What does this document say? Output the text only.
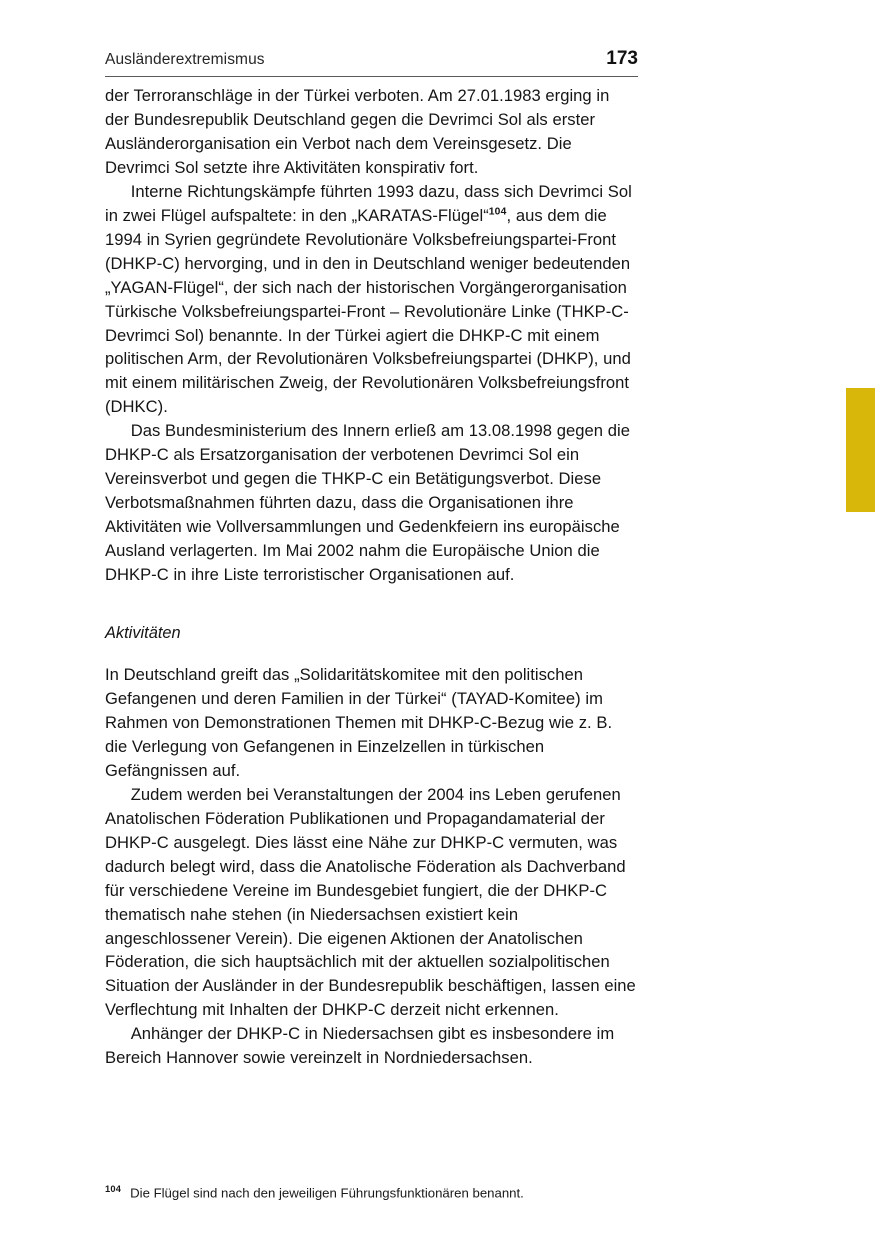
Ausländerextremismus	173

der Terroranschläge in der Türkei verboten. Am 27.01.1983 erging in der Bundesrepublik Deutschland gegen die Devrimci Sol als erster Ausländerorganisation ein Verbot nach dem Vereinsgesetz. Die Devrimci Sol setzte ihre Aktivitäten konspirativ fort.

Interne Richtungskämpfe führten 1993 dazu, dass sich Devrimci Sol in zwei Flügel aufspaltete: in den „KARATAS-Flügel“$^{104}$, aus dem die 1994 in Syrien gegründete Revolutionäre Volksbefreiungspartei-Front (DHKP-C) hervorging, und in den in Deutschland weniger bedeutenden „YAGAN-Flügel“, der sich nach der historischen Vorgängerorganisation Türkische Volksbefreiungspartei-Front – Revolutionäre Linke (THKP-C-Devrimci Sol) benannte. In der Türkei agiert die DHKP-C mit einem politischen Arm, der Revolutionären Volksbefreiungspartei (DHKP), und mit einem militärischen Zweig, der Revolutionären Volksbefreiungsfront (DHKC).

Das Bundesministerium des Innern erließ am 13.08.1998 gegen die DHKP-C als Ersatzorganisation der verbotenen Devrimci Sol ein Vereinsverbot und gegen die THKP-C ein Betätigungsverbot. Diese Verbotsmaßnahmen führten dazu, dass die Organisationen ihre Aktivitäten wie Vollversammlungen und Gedenkfeiern ins europäische Ausland verlagerten. Im Mai 2002 nahm die Europäische Union die DHKP-C in ihre Liste terroristischer Organisationen auf.

Aktivitäten

In Deutschland greift das „Solidaritätskomitee mit den politischen Gefangenen und deren Familien in der Türkei“ (TAYAD-Komitee) im Rahmen von Demonstrationen Themen mit DHKP-C-Bezug wie z. B. die Verlegung von Gefangenen in Einzelzellen in türkischen Gefängnissen auf.

Zudem werden bei Veranstaltungen der 2004 ins Leben gerufenen Anatolischen Föderation Publikationen und Propagandamaterial der DHKP-C ausgelegt. Dies lässt eine Nähe zur DHKP-C vermuten, was dadurch belegt wird, dass die Anatolische Föderation als Dachverband für verschiedene Vereine im Bundesgebiet fungiert, die der DHKP-C thematisch nahe stehen (in Niedersachsen existiert kein angeschlossener Verein). Die eigenen Aktionen der Anatolischen Föderation, die sich hauptsächlich mit der aktuellen sozialpolitischen Situation der Ausländer in der Bundesrepublik beschäftigen, lassen eine Verflechtung mit Inhalten der DHKP-C derzeit nicht erkennen.

Anhänger der DHKP-C in Niedersachsen gibt es insbesondere im Bereich Hannover sowie vereinzelt in Nordniedersachsen.

$^{104}$ Die Flügel sind nach den jeweiligen Führungsfunktionären benannt.
